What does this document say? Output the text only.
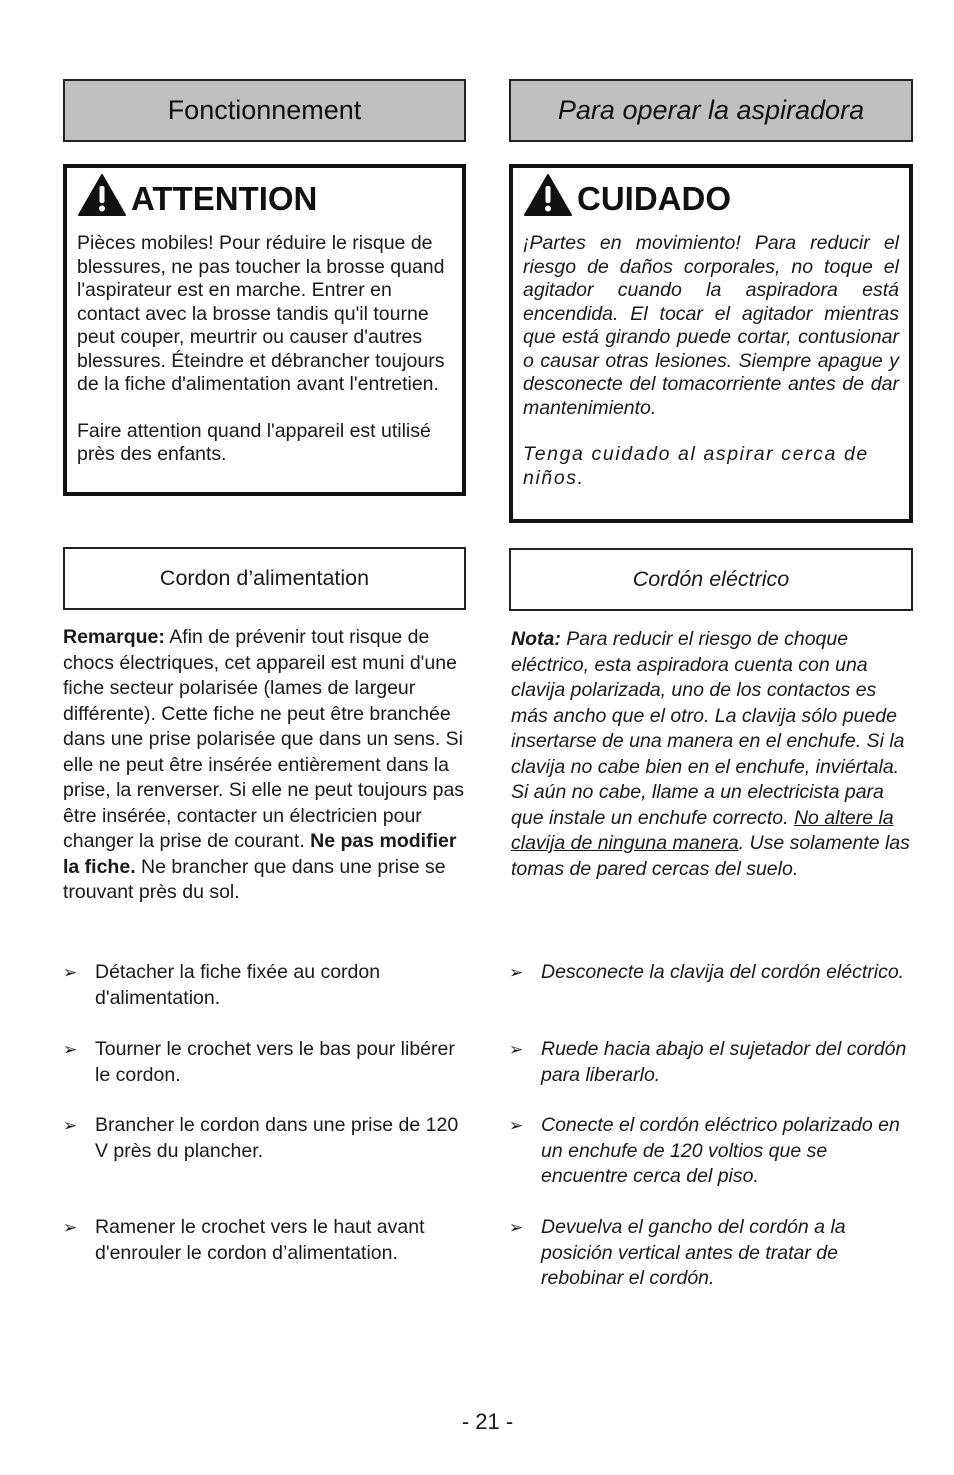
Fonctionnement
ATTENTION

Pièces mobiles! Pour réduire le risque de blessures, ne pas toucher la brosse quand l'aspirateur est en marche. Entrer en contact avec la brosse tandis qu'il tourne peut couper, meurtrir ou causer d'autres blessures. Éteindre et débrancher toujours de la fiche d'alimentation avant l'entretien.

Faire attention quand l'appareil est utilisé près des enfants.

Cordon d’alimentation
Remarque: Afin de prévenir tout risque de chocs électriques, cet appareil est muni d'une fiche secteur polarisée (lames de largeur différente). Cette fiche ne peut être branchée dans une prise polarisée que dans un sens. Si elle ne peut être insérée entièrement dans la prise, la renverser. Si elle ne peut toujours pas être insérée, contacter un électricien pour changer la prise de courant. Ne pas modifier la fiche. Ne brancher que dans une prise se trouvant près du sol.
➢ Détacher la fiche fixée au cordon d'alimentation.
➢ Tourner le crochet vers le bas pour libérer le cordon.
➢ Brancher le cordon dans une prise de 120 V près du plancher.
➢ Ramener le crochet vers le haut avant d'enrouler le cordon d’alimentation.
Para operar la aspiradora
CUIDADO

¡Partes en movimiento! Para reducir el riesgo de daños corporales, no toque el agitador cuando la aspiradora está encendida. El tocar el agitador mientras que está girando puede cortar, contusionar o causar otras lesiones. Siempre apague y desconecte del tomacorriente antes de dar mantenimiento.

Tenga cuidado al aspirar cerca de niños.

Cordón eléctrico
Nota: Para reducir el riesgo de choque eléctrico, esta aspiradora cuenta con una clavija polarizada, uno de los contactos es más ancho que el otro. La clavija sólo puede insertarse de una manera en el enchufe. Si la clavija no cabe bien en el enchufe, inviértala. Si aún no cabe, llame a un electricista para que instale un enchufe correcto. No altere la clavija de ninguna manera. Use solamente las tomas de pared cercas del suelo.
➢ Desconecte la clavija del cordón eléctrico.
➢ Ruede hacia abajo el sujetador del cordón para liberarlo.
➢ Conecte el cordón eléctrico polarizado en un enchufe de 120 voltios que se encuentre cerca del piso.
➢ Devuelva el gancho del cordón a la posición vertical antes de tratar de rebobinar el cordón.
- 21 -
